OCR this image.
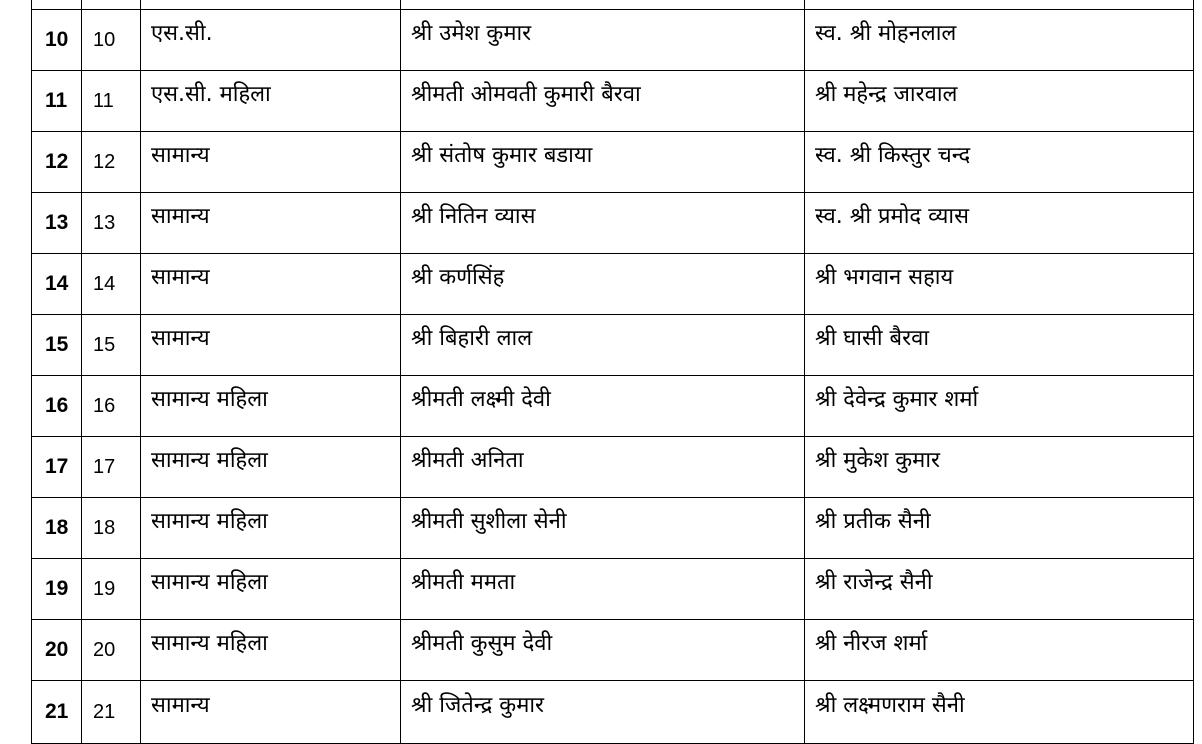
10	10	एस.सी.	श्री उमेश कुमार	स्व. श्री मोहनलाल
11	11	एस.सी. महिला	श्रीमती ओमवती कुमारी बैरवा	श्री महेन्द्र जारवाल
12	12	सामान्य	श्री संतोष कुमार बडाया	स्व. श्री किस्तुर चन्द
13	13	सामान्य	श्री नितिन व्यास	स्व. श्री प्रमोद व्यास
14	14	सामान्य	श्री कर्णसिंह	श्री भगवान सहाय
15	15	सामान्य	श्री बिहारी लाल	श्री घासी बैरवा
16	16	सामान्य महिला	श्रीमती लक्ष्मी देवी	श्री देवेन्द्र कुमार शर्मा
17	17	सामान्य महिला	श्रीमती अनिता	श्री मुकेश कुमार
18	18	सामान्य महिला	श्रीमती सुशीला सेनी	श्री प्रतीक सैनी
19	19	सामान्य महिला	श्रीमती ममता	श्री राजेन्द्र सैनी
20	20	सामान्य महिला	श्रीमती कुसुम देवी	श्री नीरज शर्मा
21	21	सामान्य	श्री जितेन्द्र कुमार	श्री लक्ष्मणराम सैनी
